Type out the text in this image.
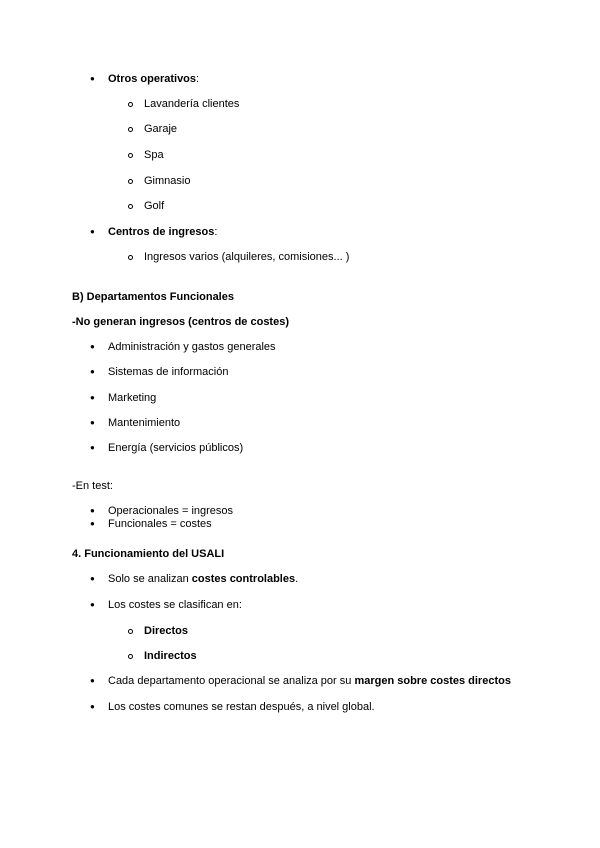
● Otros operativos:
Lavandería clientes
Garaje
Spa
Gimnasio
Golf
● Centros de ingresos:
Ingresos varios (alquileres, comisiones... )
B) Departamentos Funcionales
-No generan ingresos (centros de costes)
● Administración y gastos generales
● Sistemas de información
● Marketing
● Mantenimiento
● Energía (servicios públicos)
-En test:
● Operacionales = ingresos
● Funcionales = costes
4. Funcionamiento del USALI
● Solo se analizan costes controlables.
● Los costes se clasifican en:
Directos
Indirectos
● Cada departamento operacional se analiza por su margen sobre costes directos
● Los costes comunes se restan después, a nivel global.
